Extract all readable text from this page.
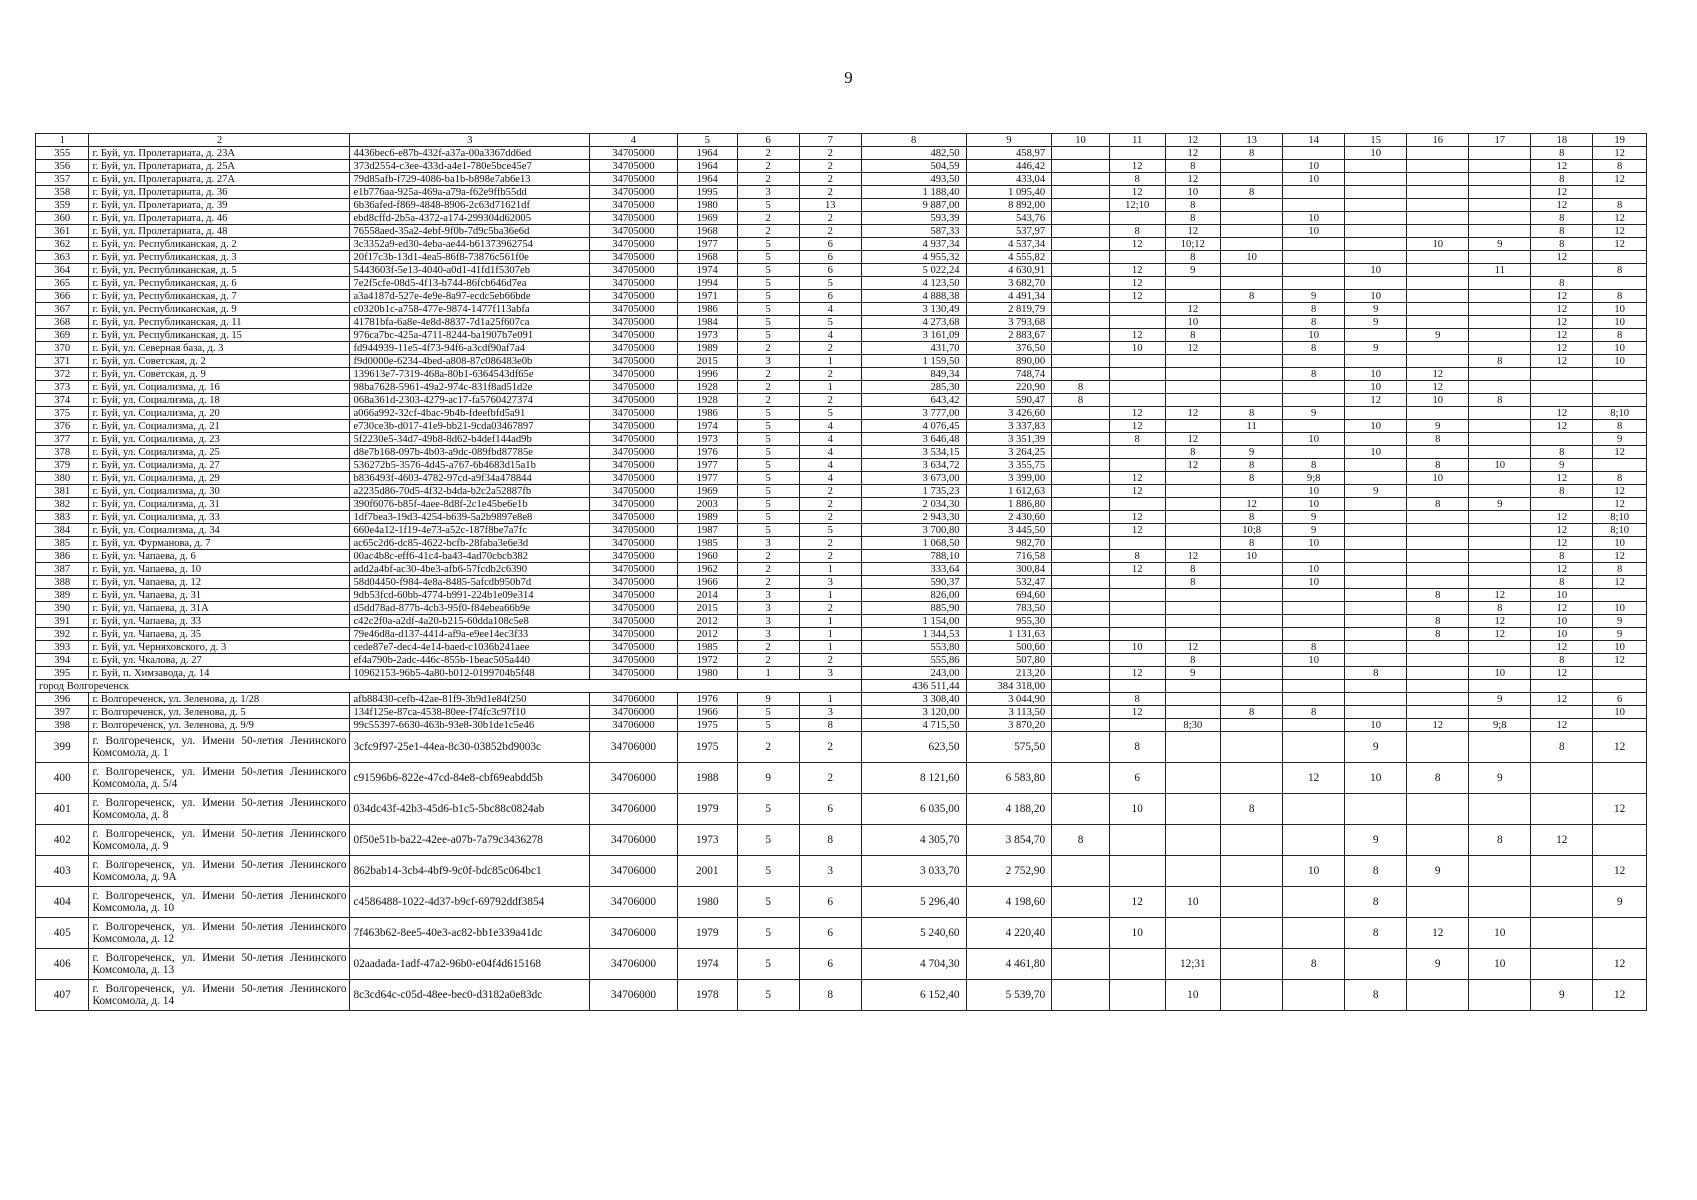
9
1	2	3	4	5	6	7	8	9	10	11	12	13	14	15	16	17	18	19
355	г. Буй, ул. Пролетариата, д. 23А	4436bec6-e87b-432f-a37a-00a3367dd6ed	34705000	1964	2	2	482,50	458,97			12	8		10			8	12
356	г. Буй, ул. Пролетариата, д. 25А	373d2554-c3ee-433d-a4e1-780e5bce45e7	34705000	1964	2	2	504,59	446,42		12	8		10				12	8
357	г. Буй, ул. Пролетариата, д. 27А	79d85afb-f729-4086-ba1b-b898e7ab6e13	34705000	1964	2	2	493,50	433,04		8	12		10				8	12
358	г. Буй, ул. Пролетариата, д. 36	e1b776aa-925a-469a-a79a-f62e9ffb55dd	34705000	1995	3	2	1 188,40	1 095,40		12	10	8					12	
359	г. Буй, ул. Пролетариата, д. 39	6b36afed-f869-4848-8906-2c63d71621df	34705000	1980	5	13	9 887,00	8 892,00		12;10	8						12	8
360	г. Буй, ул. Пролетариата, д. 46	ebd8cffd-2b5a-4372-a174-299304d62005	34705000	1969	2	2	593,39	543,76			8		10				8	12
361	г. Буй, ул. Пролетариата, д. 48	76558aed-35a2-4ebf-9f0b-7d9c5ba36e6d	34705000	1968	2	2	587,33	537,97		8	12		10				8	12
362	г. Буй, ул. Республиканская, д. 2	3c3352a9-ed30-4eba-ae44-b61373962754	34705000	1977	5	6	4 937,34	4 537,34		12	10;12				10	9	8	12
363	г. Буй, ул. Республиканская, д. 3	20f17c3b-13d1-4ea5-86f8-73876c561f0e	34705000	1968	5	6	4 955,32	4 555,82			8	10					12	
364	г. Буй, ул. Республиканская, д. 5	5443603f-5e13-4040-a0d1-41fd1f5307eb	34705000	1974	5	6	5 022,24	4 630,91		12	9			10		11		8
365	г. Буй, ул. Республиканская, д. 6	7e2f5cfe-08d5-4f13-b744-86fcb646d7ea	34705000	1994	5	5	4 123,50	3 682,70		12							8	
366	г. Буй, ул. Республиканская, д. 7	a3a4187d-527e-4e9e-8a97-ecdc5eb66bde	34705000	1971	5	6	4 888,38	4 491,34		12		8	9	10			12	8
367	г. Буй, ул. Республиканская, д. 9	c0320b1c-a758-477e-9874-1477f113abfa	34705000	1986	5	4	3 130,49	2 819,79			12		8	9			12	10
368	г. Буй, ул. Республиканская, д. 11	41781bfa-6a8e-4e8d-8837-7d1a25f607ca	34705000	1984	5	5	4 273,68	3 793,68			10		8	9			12	10
369	г. Буй, ул. Республиканская, д. 15	976ca7bc-425a-4711-8244-ba1907b7e091	34705000	1973	5	4	3 161,09	2 883,67		12	8		10		9		12	8
370	г. Буй, ул. Северная база, д. 3	fd944939-11e5-4f73-94f6-a3cdf90af7a4	34705000	1989	2	2	431,70	376,50		10	12		8	9			12	10
371	г. Буй, ул. Советская, д. 2	f9d0000e-6234-4bed-a808-87c086483e0b	34705000	2015	3	1	1 159,50	890,00								8	12	10
372	г. Буй, ул. Советская, д. 9	139613e7-7319-468a-80b1-6364543df65e	34705000	1996	2	2	849,34	748,74					8	10	12			
373	г. Буй, ул. Социализма, д. 16	98ba7628-5961-49a2-974c-831f8ad51d2e	34705000	1928	2	1	285,30	220,90	8					10	12			
374	г. Буй, ул. Социализма, д. 18	068a361d-2303-4279-ac17-fa5760427374	34705000	1928	2	2	643,42	590,47	8					12	10	8		
375	г. Буй, ул. Социализма, д. 20	a066a992-32cf-4bac-9b4b-fdeefbfd5a91	34705000	1986	5	5	3 777,00	3 426,60		12	12	8	9				12	8;10
376	г. Буй, ул. Социализма, д. 21	e730ce3b-d017-41e9-bb21-9cda03467897	34705000	1974	5	4	4 076,45	3 337,83		12		11		10	9		12	8
377	г. Буй, ул. Социализма, д. 23	5f2230e5-34d7-49b8-8d62-b4def144ad9b	34705000	1973	5	4	3 646,48	3 351,39		8	12		10		8			9
378	г. Буй, ул. Социализма, д. 25	d8e7b168-097b-4b03-a9dc-089fbd87785e	34705000	1976	5	4	3 534,15	3 264,25			8	9		10			8	12
379	г. Буй, ул. Социализма, д. 27	536272b5-3576-4d45-a767-6b4683d15a1b	34705000	1977	5	4	3 634,72	3 355,75			12	8	8		8	10	9	
380	г. Буй, ул. Социализма, д. 29	b836493f-4603-4782-97cd-a9f34a478844	34705000	1977	5	4	3 673,00	3 399,00		12		8	9;8		10		12	8
381	г. Буй, ул. Социализма, д. 30	a2235d86-70d5-4f32-b4da-b2c2a52887fb	34705000	1969	5	2	1 735,23	1 612,63		12			10	9			8	12
382	г. Буй, ул. Социализма, д. 31	390f6076-b85f-4aee-8d8f-2c1e45be6e1b	34705000	2003	5	2	2 034,30	1 886,80				12	10		8	9		12
383	г. Буй, ул. Социализма, д. 33	1df7bea3-19d3-4254-b639-5a2b9897e8e8	34705000	1989	5	2	2 943,30	2 430,60		12		8	9				12	8;10
384	г. Буй, ул. Социализма, д. 34	660e4a12-1f19-4e73-a52c-187f8be7a7fc	34705000	1987	5	5	3 700,80	3 445,50		12		10;8	9				12	8;10
385	г. Буй, ул. Фурманова, д. 7	ac65c2d6-dc85-4622-bcfb-28faba3e6e3d	34705000	1985	3	2	1 068,50	982,70				8	10				12	10
386	г. Буй, ул. Чапаева, д. 6	00ac4b8c-eff6-41c4-ba43-4ad70cbcb382	34705000	1960	2	2	788,10	716,58		8	12	10					8	12
387	г. Буй, ул. Чапаева, д. 10	add2a4bf-ac30-4be3-afb6-57fcdb2c6390	34705000	1962	2	1	333,64	300,84		12	8		10				12	8
388	г. Буй, ул. Чапаева, д. 12	58d04450-f984-4e8a-8485-5afcdb950b7d	34705000	1966	2	3	590,37	532,47			8		10				8	12
389	г. Буй, ул. Чапаева, д. 31	9db53fcd-60bb-4774-b991-224b1e09e314	34705000	2014	3	1	826,00	694,60							8	12	10	
390	г. Буй, ул. Чапаева, д. 31А	d5dd78ad-877b-4cb3-95f0-f84ebea66b9e	34705000	2015	3	2	885,90	783,50								8	12	10
391	г. Буй, ул. Чапаева, д. 33	c42c2f0a-a2df-4a20-b215-60dda108c5e8	34705000	2012	3	1	1 154,00	955,30							8	12	10	9
392	г. Буй, ул. Чапаева, д. 35	79e46d8a-d137-4414-af9a-e9ee14ec3f33	34705000	2012	3	1	1 344,53	1 131,63							8	12	10	9
393	г. Буй, ул. Черняховского, д. 3	cede87e7-dec4-4e14-baed-c1036b241aee	34705000	1985	2	1	553,80	500,60		10	12		8				12	10
394	г. Буй, ул. Чкалова, д. 27	ef4a790b-2adc-446c-855b-1beac505a440	34705000	1972	2	2	555,86	507,80			8		10				8	12
395	г. Буй, п. Химзавода, д. 14	10962153-96b5-4a80-b012-0199704b5f48	34705000	1980	1	3	243,00	213,20		12	9			8		10	12	
город Волгореченск							436 511,44	384 318,00										
396	г. Волгореченск, ул. Зеленова, д. 1/28	afb88430-cefb-42ae-81f9-3b9d1e84f250	34706000	1976	9	1	3 308,40	3 044,90		8						9	12	6
397	г. Волгореченск, ул. Зеленова, д. 5	134f125e-87ca-4538-80ee-f74fc3c97f10	34706000	1966	5	3	3 120,00	3 113,50		12		8	8					10
398	г. Волгореченск, ул. Зеленова, д. 9/9	99c55397-6630-463b-93e8-30b1de1c5e46	34706000	1975	5	8	4 715,50	3 870,20			8;30			10	12	9;8	12	
399	г. Волгореченск, ул. Имени 50-летия Ленинского Комсомола, д. 1	3cfc9f97-25e1-44ea-8c30-03852bd9003c	34706000	1975	2	2	623,50	575,50		8				9			8	12
400	г. Волгореченск, ул. Имени 50-летия Ленинского Комсомола, д. 5/4	c91596b6-822e-47cd-84e8-cbf69eabdd5b	34706000	1988	9	2	8 121,60	6 583,80		6			12	10	8	9		
401	г. Волгореченск, ул. Имени 50-летия Ленинского Комсомола, д. 8	034dc43f-42b3-45d6-b1c5-5bc88c0824ab	34706000	1979	5	6	6 035,00	4 188,20		10		8						12
402	г. Волгореченск, ул. Имени 50-летия Ленинского Комсомола, д. 9	0f50e51b-ba22-42ee-a07b-7a79c3436278	34706000	1973	5	8	4 305,70	3 854,70	8					9		8	12	
403	г. Волгореченск, ул. Имени 50-летия Ленинского Комсомола, д. 9А	862bab14-3cb4-4bf9-9c0f-bdc85c064bc1	34706000	2001	5	3	3 033,70	2 752,90					10	8	9			12
404	г. Волгореченск, ул. Имени 50-летия Ленинского Комсомола, д. 10	c4586488-1022-4d37-b9cf-69792ddf3854	34706000	1980	5	6	5 296,40	4 198,60		12	10			8				9
405	г. Волгореченск, ул. Имени 50-летия Ленинского Комсомола, д. 12	7f463b62-8ee5-40e3-ac82-bb1e339a41dc	34706000	1979	5	6	5 240,60	4 220,40		10				8	12	10		
406	г. Волгореченск, ул. Имени 50-летия Ленинского Комсомола, д. 13	02aadada-1adf-47a2-96b0-e04f4d615168	34706000	1974	5	6	4 704,30	4 461,80			12;31		8		9	10		12
407	г. Волгореченск, ул. Имени 50-летия Ленинского Комсомола, д. 14	8c3cd64c-c05d-48ee-bec0-d3182a0e83dc	34706000	1978	5	8	6 152,40	5 539,70			10			8			9	12
